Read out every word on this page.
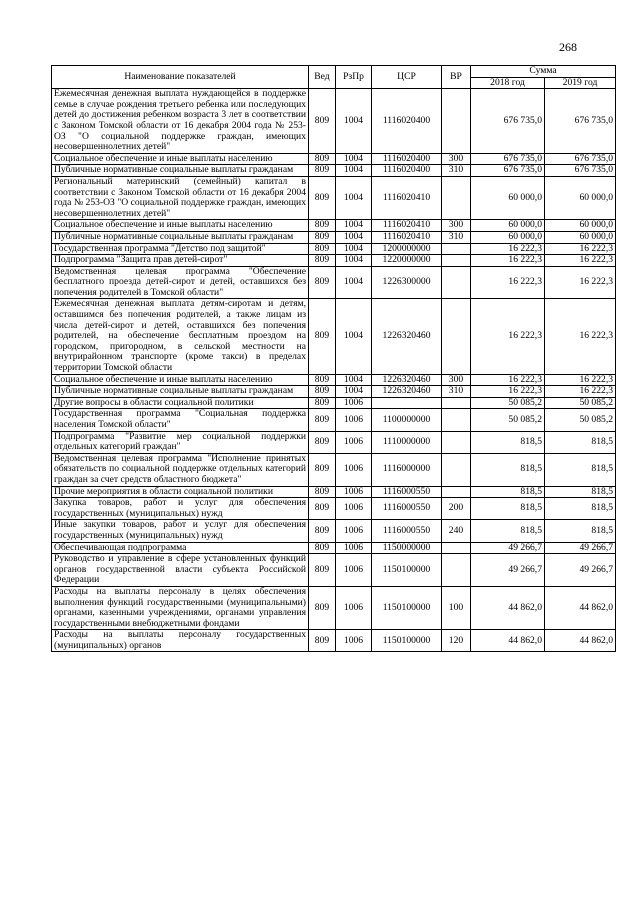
268
Наименование показателей	Вед	РзПр	ЦСР	ВР	Сумма	
					2018 год	2019 год
Ежемесячная денежная выплата нуждающейся в поддержке семье в случае рождения третьего ребенка или последующих детей до достижения ребенком возраста 3 лет в соответствии с Законом Томской области от 16 декабря 2004 года № 253-ОЗ "О социальной поддержке граждан, имеющих несовершеннолетних детей"	809	1004	1116020400		676 735,0	676 735,0
Социальное обеспечение и иные выплаты населению	809	1004	1116020400	300	676 735,0	676 735,0
Публичные нормативные социальные выплаты гражданам	809	1004	1116020400	310	676 735,0	676 735,0
Региональный материнский (семейный) капитал в соответствии с Законом Томской области от 16 декабря 2004 года № 253-ОЗ "О социальной поддержке граждан, имеющих несовершеннолетних детей"	809	1004	1116020410		60 000,0	60 000,0
Социальное обеспечение и иные выплаты населению	809	1004	1116020410	300	60 000,0	60 000,0
Публичные нормативные социальные выплаты гражданам	809	1004	1116020410	310	60 000,0	60 000,0
Государственная программа "Детство под защитой"	809	1004	1200000000		16 222,3	16 222,3
Подпрограмма "Защита прав детей-сирот"	809	1004	1220000000		16 222,3	16 222,3
Ведомственная целевая программа "Обеспечение бесплатного проезда детей-сирот и детей, оставшихся без попечения родителей в Томской области"	809	1004	1226300000		16 222,3	16 222,3
Ежемесячная денежная выплата детям-сиротам и детям, оставшимся без попечения родителей, а также лицам из числа детей-сирот и детей, оставшихся без попечения родителей, на обеспечение бесплатным проездом на городском, пригородном, в сельской местности на внутрирайонном транспорте (кроме такси) в пределах территории Томской области	809	1004	1226320460		16 222,3	16 222,3
Социальное обеспечение и иные выплаты населению	809	1004	1226320460	300	16 222,3	16 222,3
Публичные нормативные социальные выплаты гражданам	809	1004	1226320460	310	16 222,3	16 222,3
Другие вопросы в области социальной политики	809	1006			50 085,2	50 085,2
Государственная программа "Социальная поддержка населения Томской области"	809	1006	1100000000		50 085,2	50 085,2
Подпрограмма "Развитие мер социальной поддержки отдельных категорий граждан"	809	1006	1110000000		818,5	818,5
Ведомственная целевая программа "Исполнение принятых обязательств по социальной поддержке отдельных категорий граждан за счет средств областного бюджета"	809	1006	1116000000		818,5	818,5
Прочие мероприятия в области социальной политики	809	1006	1116000550		818,5	818,5
Закупка товаров, работ и услуг для обеспечения государственных (муниципальных) нужд	809	1006	1116000550	200	818,5	818,5
Иные закупки товаров, работ и услуг для обеспечения государственных (муниципальных) нужд	809	1006	1116000550	240	818,5	818,5
Обеспечивающая подпрограмма	809	1006	1150000000		49 266,7	49 266,7
Руководство и управление в сфере установленных функций органов государственной власти субъекта Российской Федерации	809	1006	1150100000		49 266,7	49 266,7
Расходы на выплаты персоналу в целях обеспечения выполнения функций государственными (муниципальными) органами, казенными учреждениями, органами управления государственными внебюджетными фондами	809	1006	1150100000	100	44 862,0	44 862,0
Расходы на выплаты персоналу государственных (муниципальных) органов	809	1006	1150100000	120	44 862,0	44 862,0
